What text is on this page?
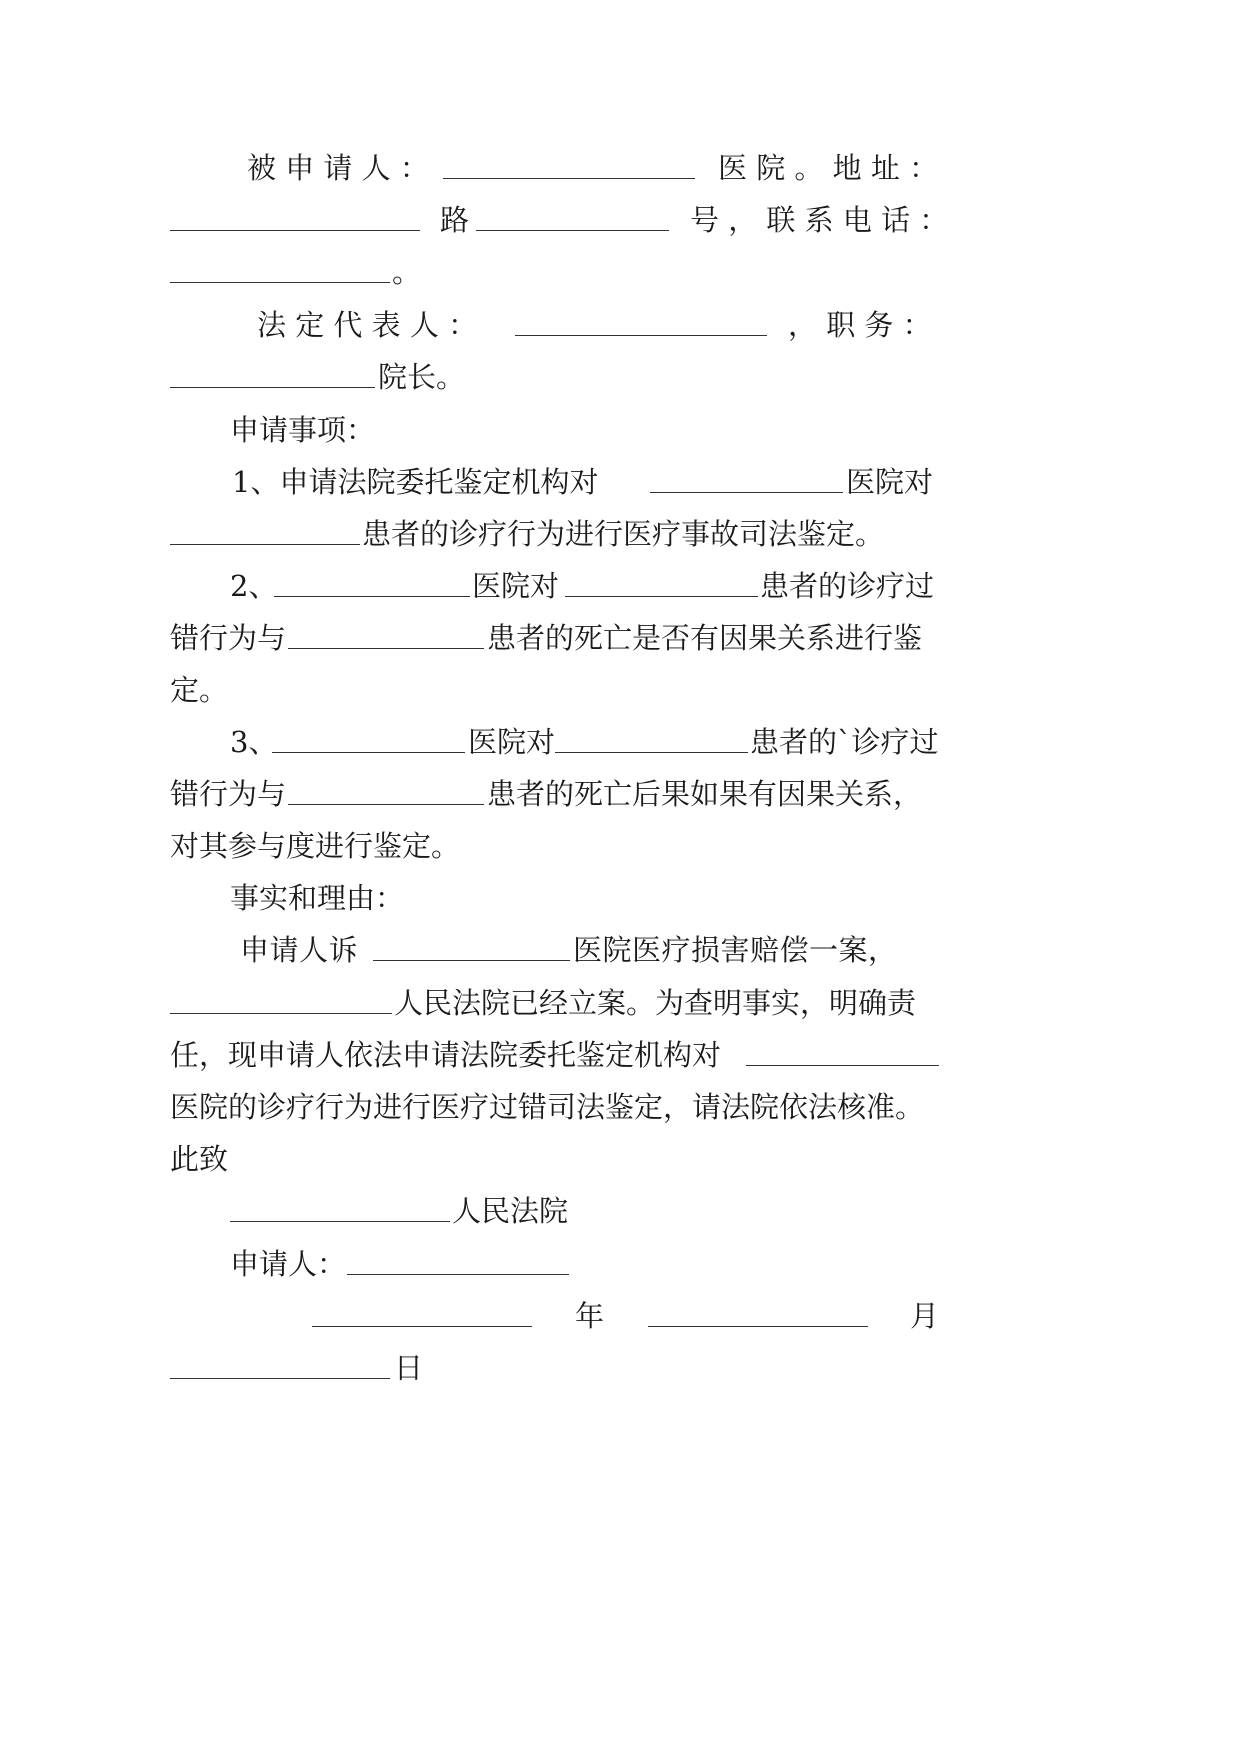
被 申 请 人 ：	医 院 。 地 址 ：
路	号 ， 联 系 电 话 ：
。
法 定 代 表 人 ：	， 职 务 ：
院长。
申请事项：
1、申请法院委托鉴定机构对	医院对
患者的诊疗行为进行医疗事故司法鉴定。
2、	医院对	患者的诊疗过
错行为与	患者的死亡是否有因果关系进行鉴
定。
3、	医院对	患者的`诊疗过
错行为与	患者的死亡后果如果有因果关系，
对其参与度进行鉴定。
事实和理由：
申请人诉	医院医疗损害赔偿一案，
人民法院已经立案。为查明事实，明确责
任，现申请人依法申请法院委托鉴定机构对
医院的诊疗行为进行医疗过错司法鉴定，请法院依法核准。
此致
人民法院
申请人：
年	月
日
